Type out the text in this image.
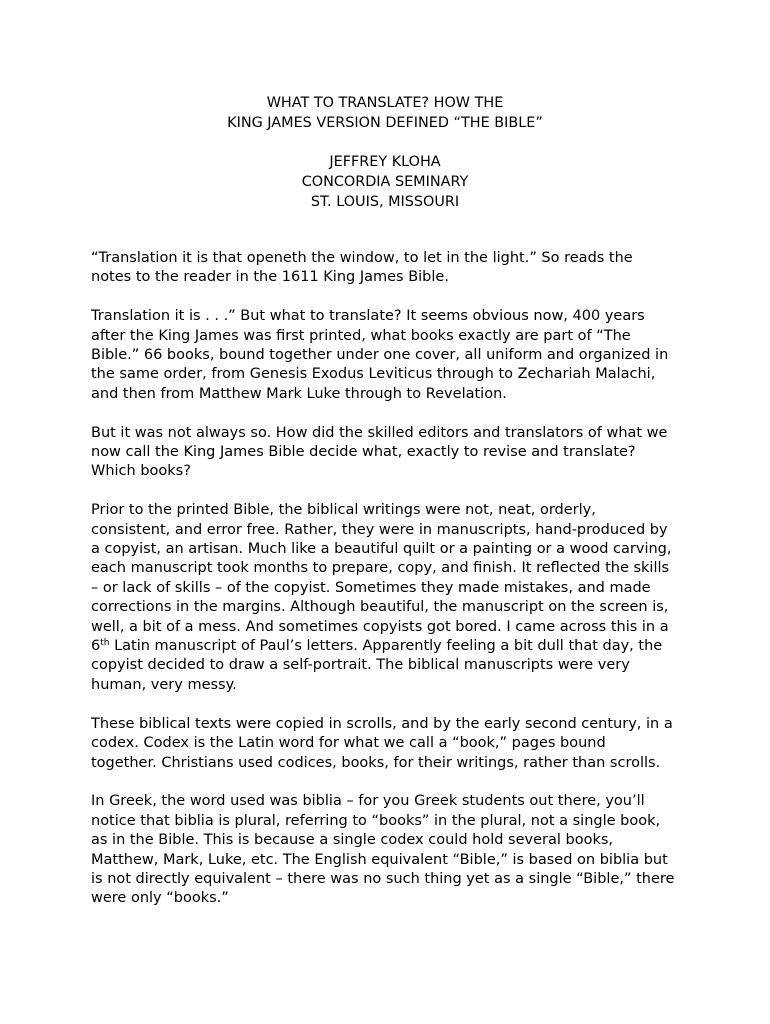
WHAT TO TRANSLATE? HOW THE
KING JAMES VERSION DEFINED “THE BIBLE”
JEFFREY KLOHA
CONCORDIA SEMINARY
ST. LOUIS, MISSOURI

“Translation it is that openeth the window, to let in the light.” So reads the
notes to the reader in the 1611 King James Bible.

Translation it is . . .” But what to translate? It seems obvious now, 400 years
after the King James was first printed, what books exactly are part of “The
Bible.” 66 books, bound together under one cover, all uniform and organized in
the same order, from Genesis Exodus Leviticus through to Zechariah Malachi,
and then from Matthew Mark Luke through to Revelation.

But it was not always so. How did the skilled editors and translators of what we
now call the King James Bible decide what, exactly to revise and translate?
Which books?

Prior to the printed Bible, the biblical writings were not, neat, orderly,
consistent, and error free. Rather, they were in manuscripts, hand-produced by
a copyist, an artisan. Much like a beautiful quilt or a painting or a wood carving,
each manuscript took months to prepare, copy, and finish. It reflected the skills
– or lack of skills – of the copyist. Sometimes they made mistakes, and made
corrections in the margins. Although beautiful, the manuscript on the screen is,
well, a bit of a mess. And sometimes copyists got bored. I came across this in a
6th Latin manuscript of Paul’s letters. Apparently feeling a bit dull that day, the
copyist decided to draw a self-portrait. The biblical manuscripts were very
human, very messy.

These biblical texts were copied in scrolls, and by the early second century, in a
codex. Codex is the Latin word for what we call a “book,” pages bound
together. Christians used codices, books, for their writings, rather than scrolls.

In Greek, the word used was biblia – for you Greek students out there, you’ll
notice that biblia is plural, referring to “books” in the plural, not a single book,
as in the Bible. This is because a single codex could hold several books,
Matthew, Mark, Luke, etc. The English equivalent “Bible,” is based on biblia but
is not directly equivalent – there was no such thing yet as a single “Bible,” there
were only “books.”
